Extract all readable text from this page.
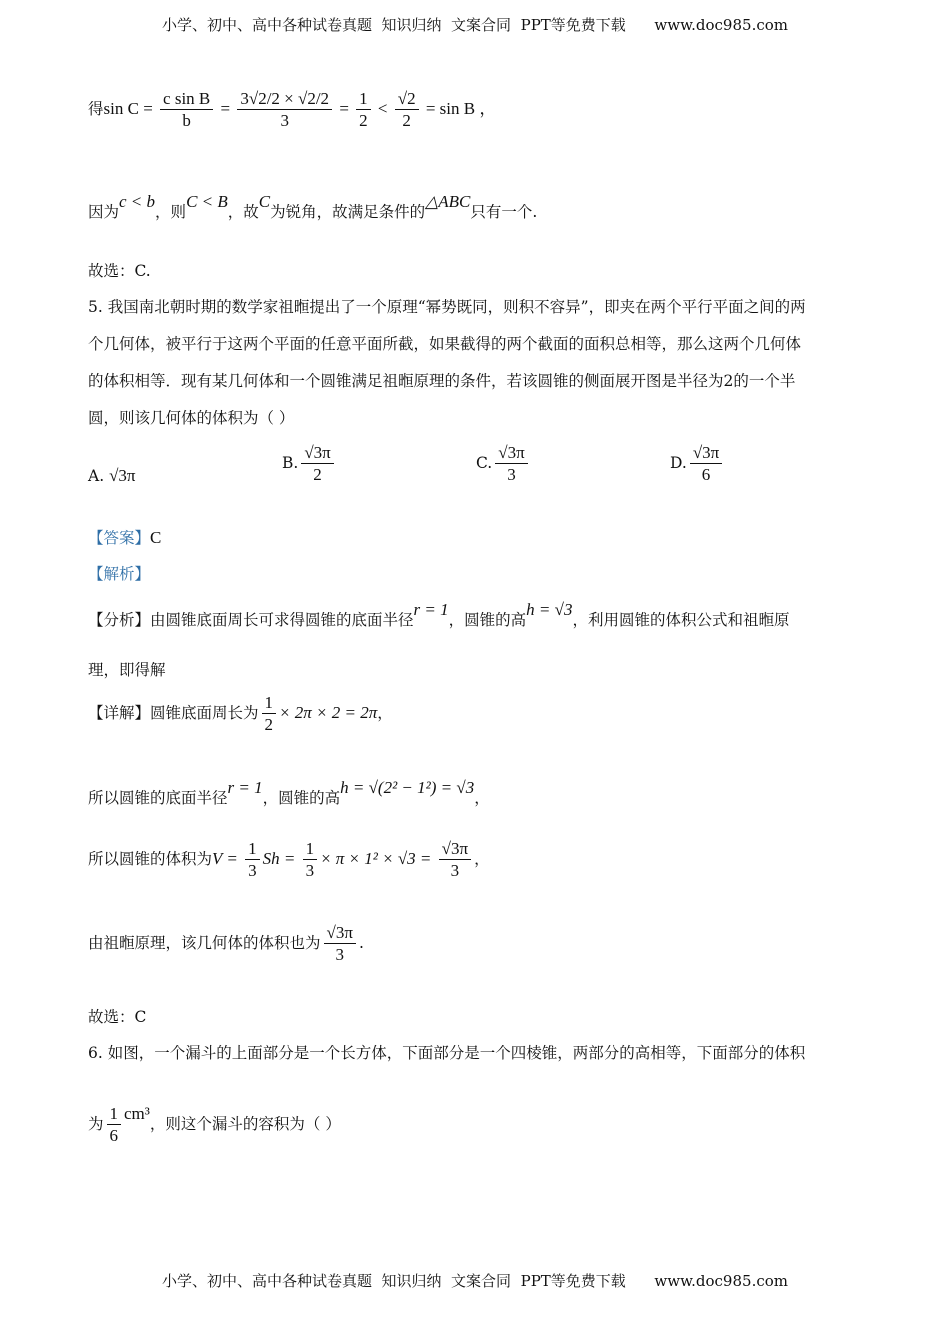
小学、初中、高中各种试卷真题  知识归纳  文案合同  PPT等免费下载      www.doc985.com
得$\sin C = \frac{\text{c sin B}}{b} = \frac{3√2/2 \times √2/2}{3} = \frac{1}{2} < \frac{√2}{2} = \sin B$ ，
因为c < b，则C < B，故C为锐角，故满足条件的△ABC只有一个.
故选：C.
5. 我国南北朝时期的数学家祖暅提出了一个原理“幂势既同，则积不容异”，即夹在两个平行平面之间的两
个几何体，被平行于这两个平面的任意平面所截，如果截得的两个截面的面积总相等，那么这两个几何体
的体积相等．现有某几何体和一个圆锥满足祖暅原理的条件，若该圆锥的侧面展开图是半径为2的一个半
圆，则该几何体的体积为（ ）
A. √3π
B. $\frac{√3\pi}{2}$	C. $\frac{√3\pi}{3}$	D. $\frac{√3\pi}{6}$
【答案】C
【解析】
【分析】由圆锥底面周长可求得圆锥的底面半径r = 1，圆锥的高h = √3，利用圆锥的体积公式和祖暅原
理，即得解
【详解】圆锥底面周长为 $\frac{1}{2} \times 2\pi \times 2 = 2\pi$，
所以圆锥的底面半径r = 1，圆锥的高h = √(2² − 1²) = √3，
所以圆锥的体积为$V = \frac{1}{3}$ $Sh = \frac{1}{3} \times \pi \times 1^2 \times √3 = \frac{√3\pi}{3}$ ，
由祖暅原理，该几何体的体积也为 $\frac{√3\pi}{3}$ .
故选：C
6. 如图，一个漏斗的上面部分是一个长方体，下面部分是一个四棱锥，两部分的高相等，下面部分的体积
为 $\frac{1}{6} cm^3$，则这个漏斗的容积为（ ）
小学、初中、高中各种试卷真题  知识归纳  文案合同  PPT等免费下载      www.doc985.com
